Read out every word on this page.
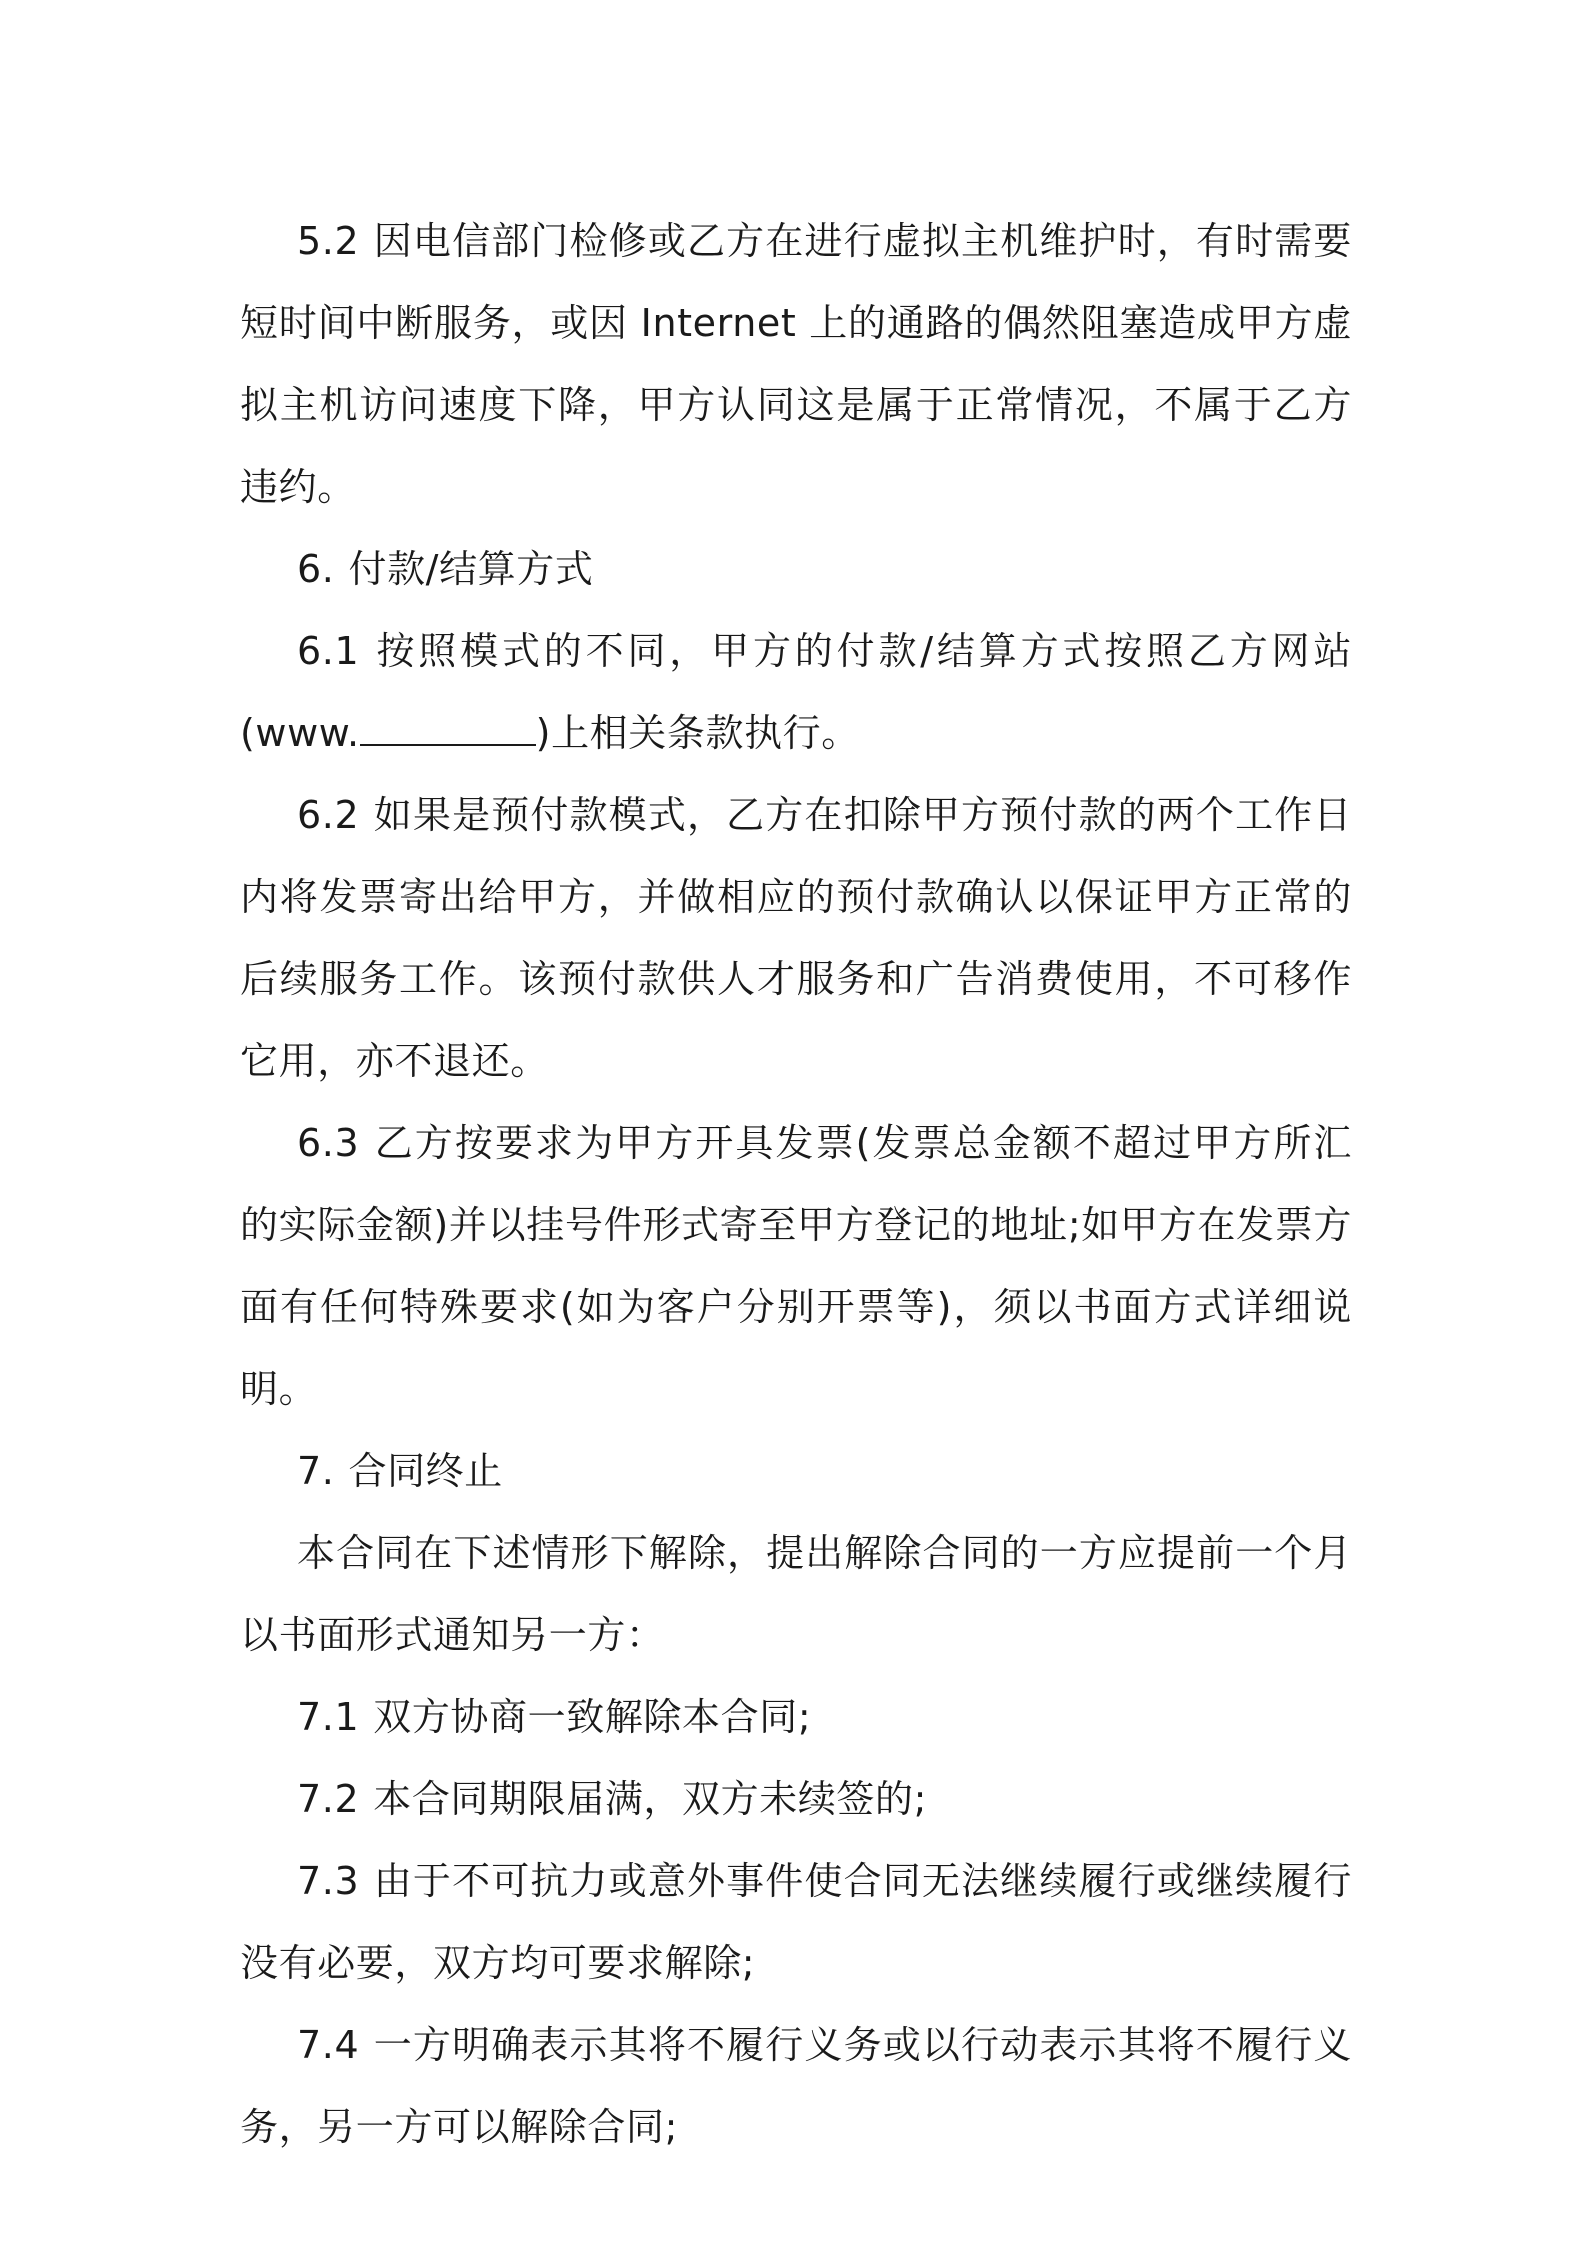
5.2 因电信部门检修或乙方在进行虚拟主机维护时，有时需要短时间中断服务，或因 Internet 上的通路的偶然阻塞造成甲方虚拟主机访问速度下降，甲方认同这是属于正常情况，不属于乙方违约。

6. 付款/结算方式

6.1 按照模式的不同，甲方的付款/结算方式按照乙方网站(www.	)上相关条款执行。

6.2 如果是预付款模式，乙方在扣除甲方预付款的两个工作日内将发票寄出给甲方，并做相应的预付款确认以保证甲方正常的后续服务工作。该预付款供人才服务和广告消费使用，不可移作它用，亦不退还。

6.3 乙方按要求为甲方开具发票(发票总金额不超过甲方所汇的实际金额)并以挂号件形式寄至甲方登记的地址;如甲方在发票方面有任何特殊要求(如为客户分别开票等)，须以书面方式详细说明。

7. 合同终止

本合同在下述情形下解除，提出解除合同的一方应提前一个月以书面形式通知另一方：

7.1 双方协商一致解除本合同;

7.2 本合同期限届满，双方未续签的;

7.3 由于不可抗力或意外事件使合同无法继续履行或继续履行没有必要，双方均可要求解除;

7.4 一方明确表示其将不履行义务或以行动表示其将不履行义务，另一方可以解除合同;
